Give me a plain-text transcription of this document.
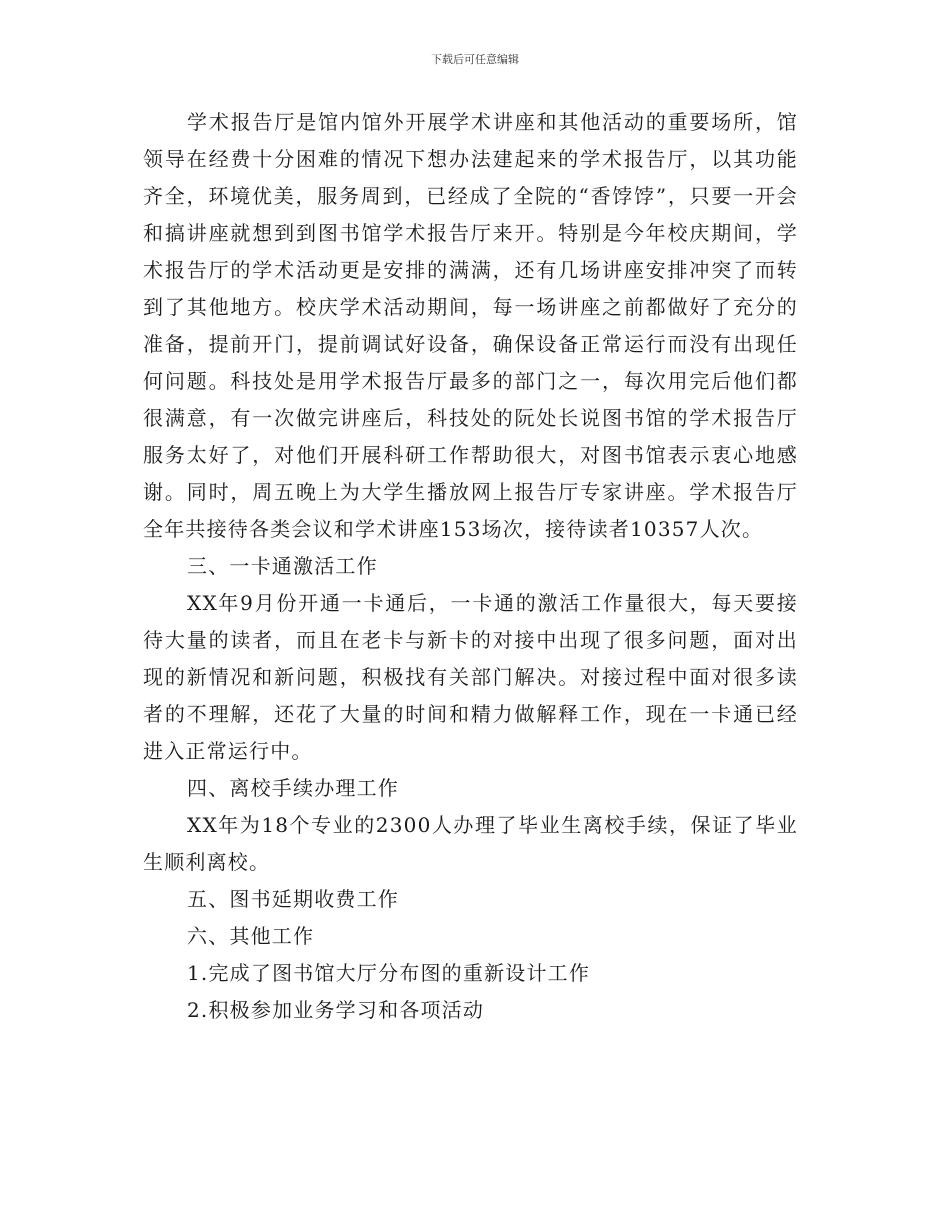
下载后可任意编辑

学术报告厅是馆内馆外开展学术讲座和其他活动的重要场所，馆领导在经费十分困难的情况下想办法建起来的学术报告厅，以其功能齐全，环境优美，服务周到，已经成了全院的“香饽饽”，只要一开会和搞讲座就想到到图书馆学术报告厅来开。特别是今年校庆期间，学术报告厅的学术活动更是安排的满满，还有几场讲座安排冲突了而转到了其他地方。校庆学术活动期间，每一场讲座之前都做好了充分的准备，提前开门，提前调试好设备，确保设备正常运行而没有出现任何问题。科技处是用学术报告厅最多的部门之一，每次用完后他们都很满意，有一次做完讲座后，科技处的阮处长说图书馆的学术报告厅服务太好了，对他们开展科研工作帮助很大，对图书馆表示衷心地感谢。同时，周五晚上为大学生播放网上报告厅专家讲座。学术报告厅全年共接待各类会议和学术讲座153场次，接待读者10357人次。

三、一卡通激活工作

XX年9月份开通一卡通后，一卡通的激活工作量很大，每天要接待大量的读者，而且在老卡与新卡的对接中出现了很多问题，面对出现的新情况和新问题，积极找有关部门解决。对接过程中面对很多读者的不理解，还花了大量的时间和精力做解释工作，现在一卡通已经进入正常运行中。

四、离校手续办理工作

XX年为18个专业的2300人办理了毕业生离校手续，保证了毕业生顺利离校。

五、图书延期收费工作

六、其他工作

1.完成了图书馆大厅分布图的重新设计工作

2.积极参加业务学习和各项活动
